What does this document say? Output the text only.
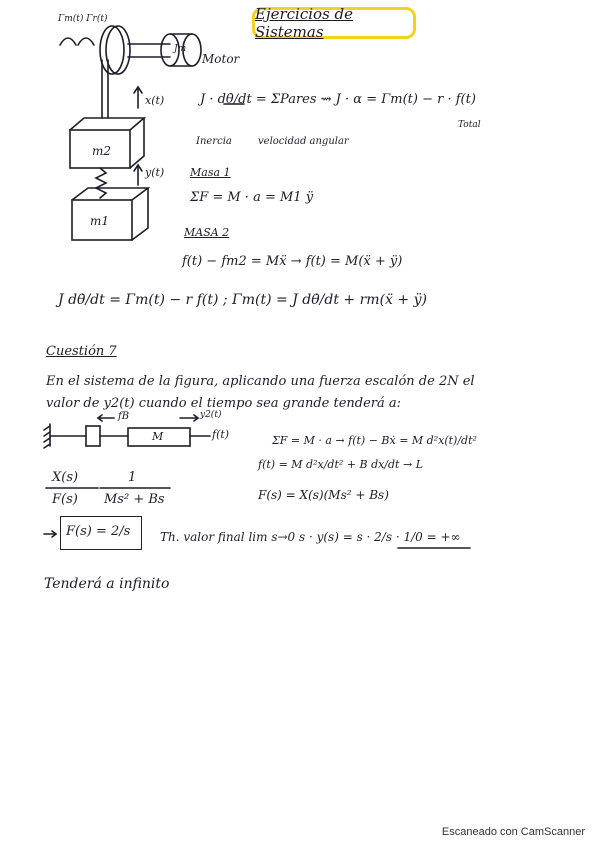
Ejercicios de Sistemas
Γm(t) Γr(t)
Jm
Motor
x(t)
y(t)
m2
m1
J · dθ̇/dt = ΣPares ⇝ J · α = Γm(t) − r · f(t)
Total
Inercia	velocidad angular
Masa 1
ΣF = M · a = M1 ÿ
MASA 2
f(t) − fm2 = Mẍ → f(t) = M(ẍ + ÿ)
J dθ̇/dt = Γm(t) − r f(t) ; Γm(t) = J dθ̇/dt + rm(ẍ + ÿ)
Cuestión 7
En el sistema de la figura, aplicando una fuerza escalón de 2N el
valor de y2(t) cuando el tiempo sea grande tenderá a:
fB	y2(t)
M	f(t)	ΣF = M · a → f(t) − Bẋ = M d²x(t)/dt²
f(t) = M d²x/dt² + B dx/dt → L
F(s) = X(s)(Ms² + Bs)
X(s)
F(s)
1
Ms² + Bs
F(s) = 2/s Th. valor final lim s→0 s · y(s) = s · 2/s · 1/0 = +∞
Tenderá a infinito
Escaneado con CamScanner
